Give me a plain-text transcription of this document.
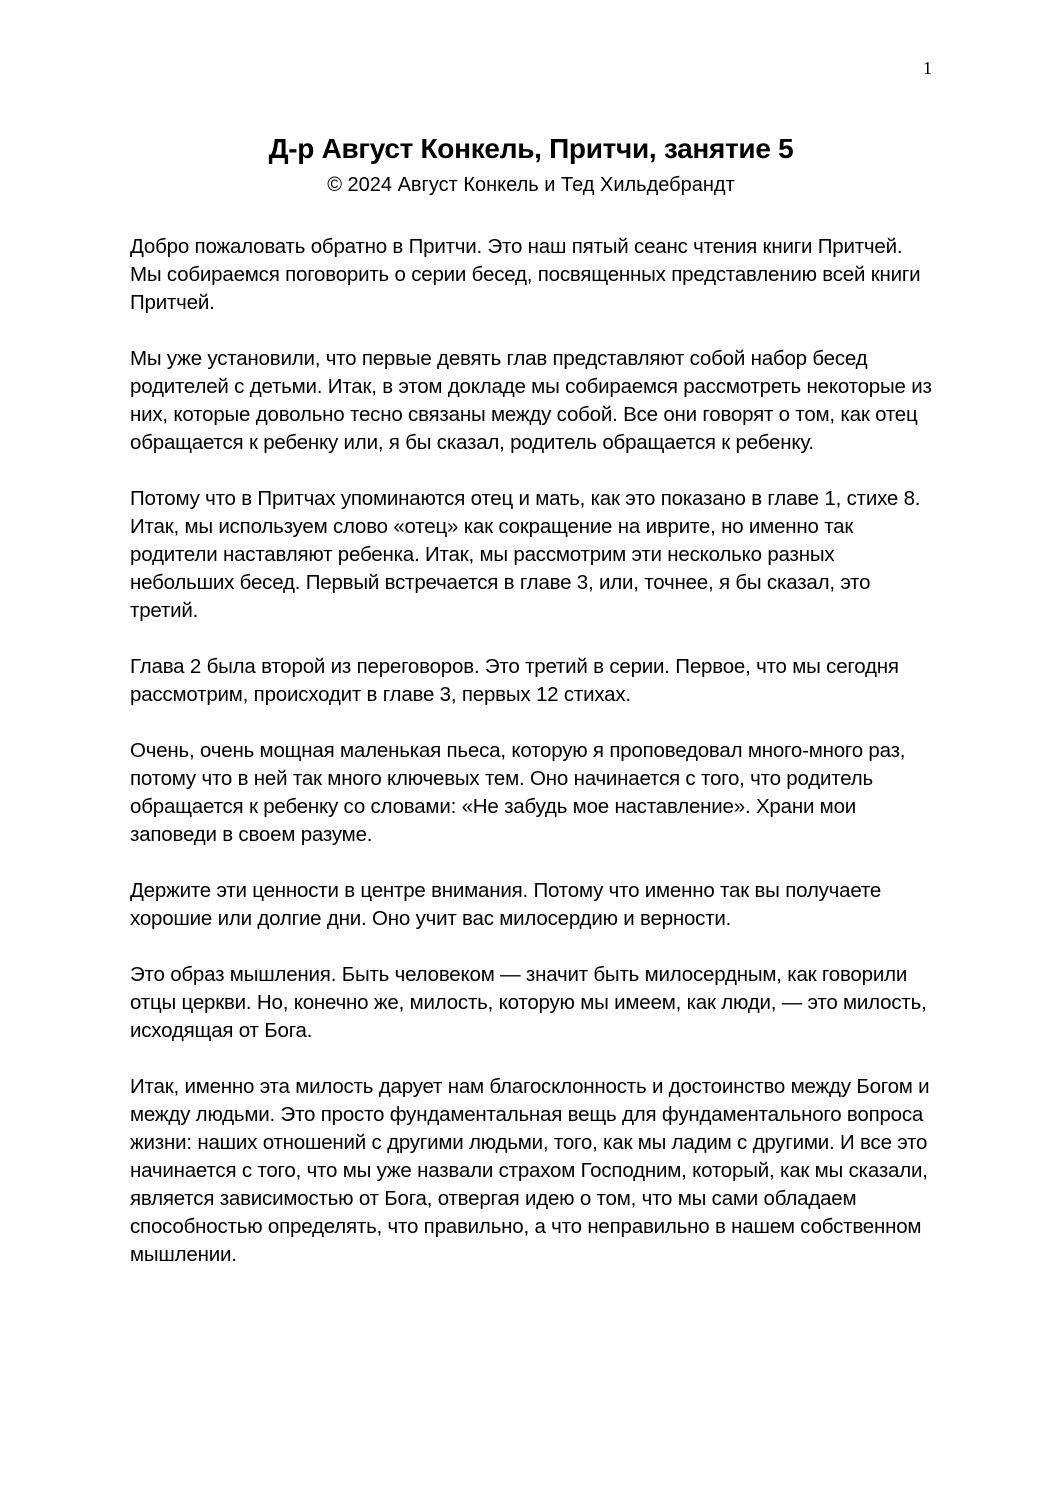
1
Д-р Август Конкель, Притчи, занятие 5
© 2024 Август Конкель и Тед Хильдебрандт

Добро пожаловать обратно в Притчи. Это наш пятый сеанс чтения книги Притчей. Мы собираемся поговорить о серии бесед, посвященных представлению всей книги Притчей.

Мы уже установили, что первые девять глав представляют собой набор бесед родителей с детьми. Итак, в этом докладе мы собираемся рассмотреть некоторые из них, которые довольно тесно связаны между собой. Все они говорят о том, как отец обращается к ребенку или, я бы сказал, родитель обращается к ребенку.

Потому что в Притчах упоминаются отец и мать, как это показано в главе 1, стихе 8. Итак, мы используем слово «отец» как сокращение на иврите, но именно так родители наставляют ребенка. Итак, мы рассмотрим эти несколько разных небольших бесед. Первый встречается в главе 3, или, точнее, я бы сказал, это третий.

Глава 2 была второй из переговоров. Это третий в серии. Первое, что мы сегодня рассмотрим, происходит в главе 3, первых 12 стихах.

Очень, очень мощная маленькая пьеса, которую я проповедовал много-много раз, потому что в ней так много ключевых тем. Оно начинается с того, что родитель обращается к ребенку со словами: «Не забудь мое наставление». Храни мои заповеди в своем разуме.

Держите эти ценности в центре внимания. Потому что именно так вы получаете хорошие или долгие дни. Оно учит вас милосердию и верности.

Это образ мышления. Быть человеком — значит быть милосердным, как говорили отцы церкви. Но, конечно же, милость, которую мы имеем, как люди, — это милость, исходящая от Бога.

Итак, именно эта милость дарует нам благосклонность и достоинство между Богом и между людьми. Это просто фундаментальная вещь для фундаментального вопроса жизни: наших отношений с другими людьми, того, как мы ладим с другими. И все это начинается с того, что мы уже назвали страхом Господним, который, как мы сказали, является зависимостью от Бога, отвергая идею о том, что мы сами обладаем способностью определять, что правильно, а что неправильно в нашем собственном мышлении.
